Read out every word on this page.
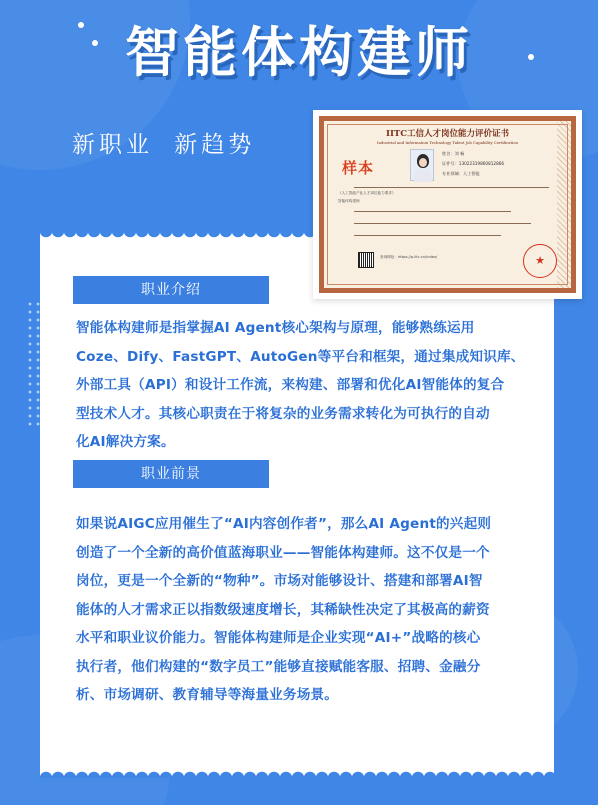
智能体构建师
新职业 新趋势	IITC工信人才岗位能力评价证书
Industrial and Information Technology Talent Job Capability Certification
样本
姓名：刘 畅
证件号：13022319860812866
专业领域：人工智能
《人工智能产业人才岗位能力要求》
智能体构建师
查询网址：https://p.iitc.cn/index/	★
职业介绍
智能体构建师是指掌握AI Agent核心架构与原理，能够熟练运用
Coze、Dify、FastGPT、AutoGen等平台和框架，通过集成知识库、
外部工具（API）和设计工作流，来构建、部署和优化AI智能体的复合
型技术人才。其核心职责在于将复杂的业务需求转化为可执行的自动
化AI解决方案。
职业前景
如果说AIGC应用催生了“AI内容创作者”，那么AI Agent的兴起则
创造了一个全新的高价值蓝海职业——智能体构建师。这不仅是一个
岗位，更是一个全新的“物种”。市场对能够设计、搭建和部署AI智
能体的人才需求正以指数级速度增长，其稀缺性决定了其极高的薪资
水平和职业议价能力。智能体构建师是企业实现“AI+”战略的核心
执行者，他们构建的“数字员工”能够直接赋能客服、招聘、金融分
析、市场调研、教育辅导等海量业务场景。
